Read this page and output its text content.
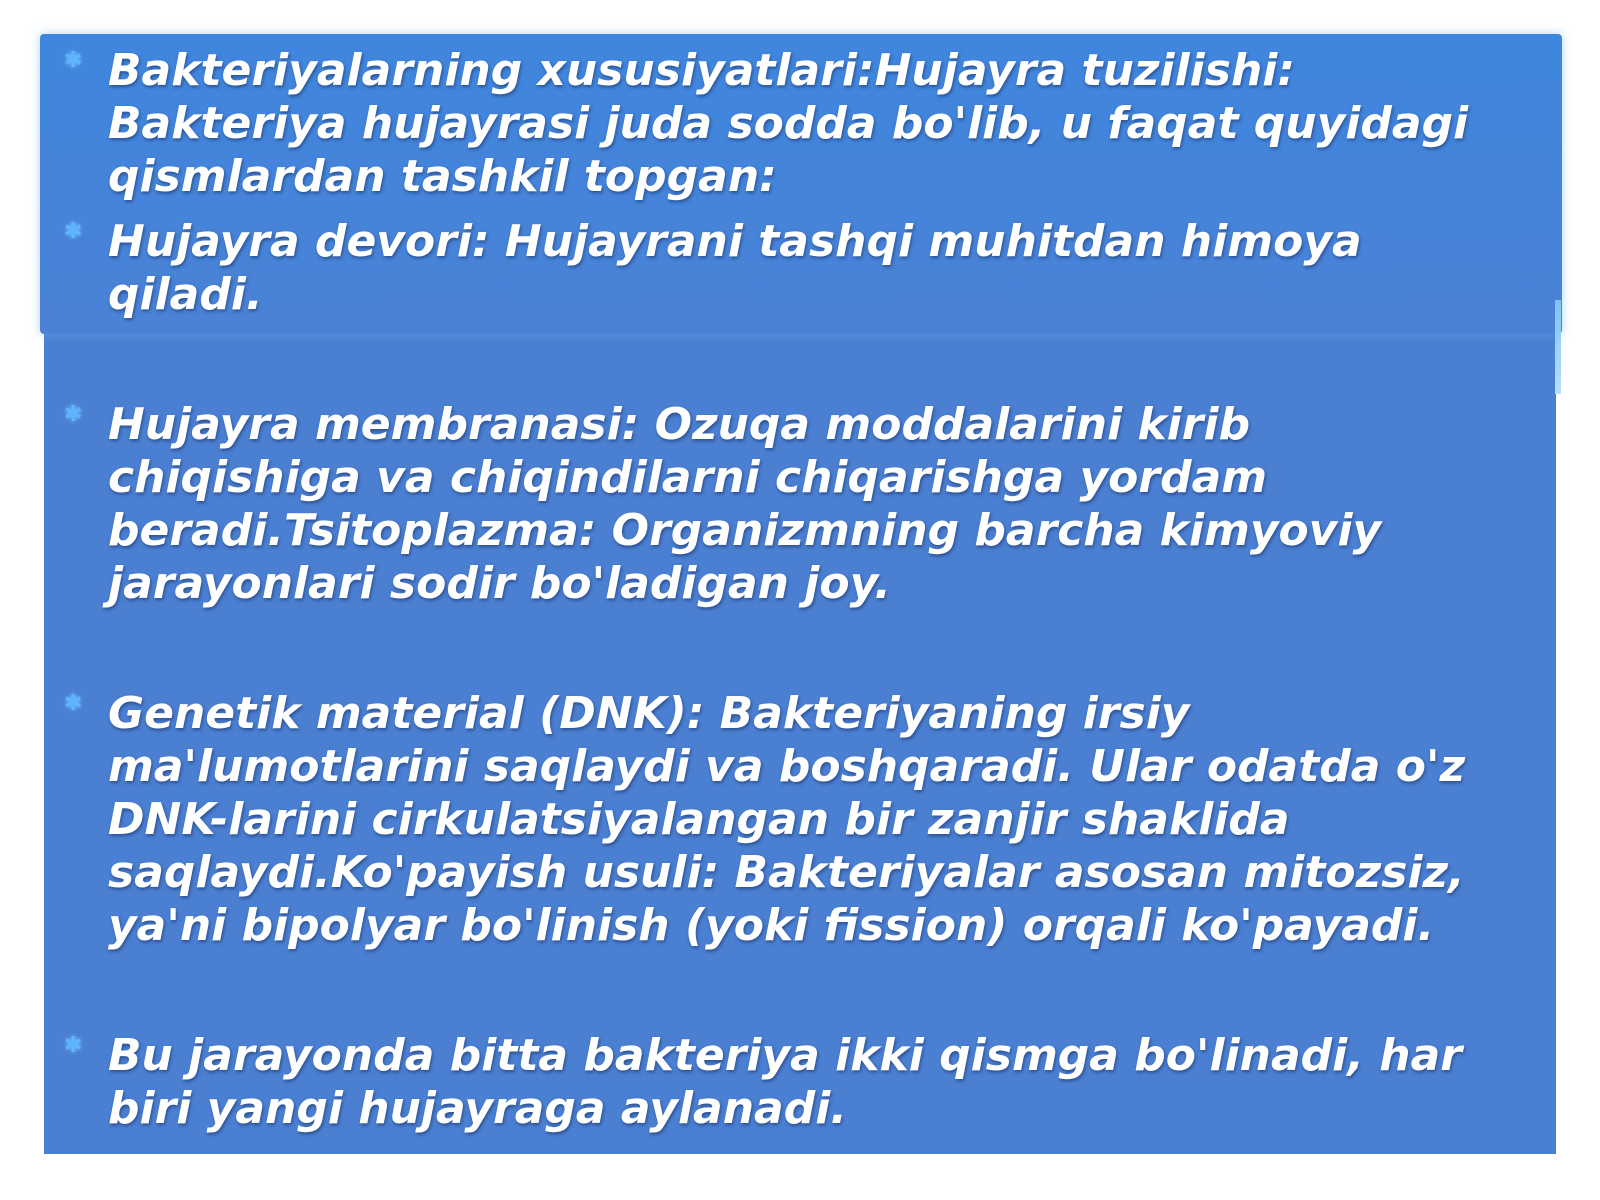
✱ Bakteriyalarning xususiyatlari:Hujayra tuzilishi: Bakteriya hujayrasi juda sodda bo'lib, u faqat quyidagi qismlardan tashkil topgan:
✱ Hujayra devori: Hujayrani tashqi muhitdan himoya qiladi.
✱ Hujayra membranasi: Ozuqa moddalarini kirib chiqishiga va chiqindilarni chiqarishga yordam beradi.Tsitoplazma: Organizmning barcha kimyoviy jarayonlari sodir bo'ladigan joy.
✱ Genetik material (DNK): Bakteriyaning irsiy ma'lumotlarini saqlaydi va boshqaradi. Ular odatda o'z DNK-larini cirkulatsiyalangan bir zanjir shaklida saqlaydi.Ko'payish usuli: Bakteriyalar asosan mitozsiz, ya'ni bipolyar bo'linish (yoki fission) orqali ko'payadi.
✱ Bu jarayonda bitta bakteriya ikki qismga bo'linadi, har biri yangi hujayraga aylanadi.
